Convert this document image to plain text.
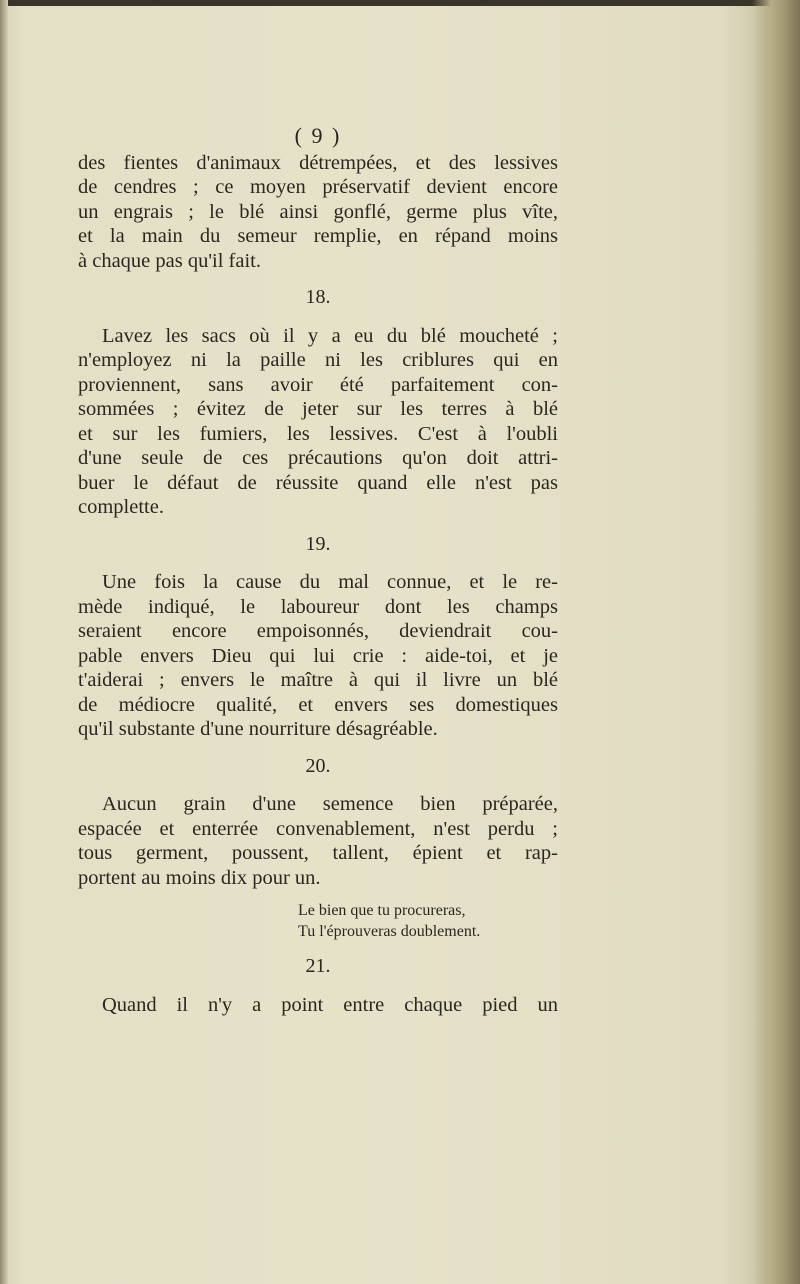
( 9 )
des fientes d'animaux détrempées, et des lessives
de cendres ; ce moyen préservatif devient encore
un engrais ; le blé ainsi gonflé, germe plus vîte,
et la main du semeur remplie, en répand moins
à chaque pas qu'il fait.
18.
Lavez les sacs où il y a eu du blé moucheté ;
n'employez ni la paille ni les criblures qui en
proviennent, sans avoir été parfaitement con-
sommées ; évitez de jeter sur les terres à blé
et sur les fumiers, les lessives. C'est à l'oubli
d'une seule de ces précautions qu'on doit attri-
buer le défaut de réussite quand elle n'est pas
complette.
19.
Une fois la cause du mal connue, et le re-
mède indiqué, le laboureur dont les champs
seraient encore empoisonnés, deviendrait cou-
pable envers Dieu qui lui crie : aide-toi, et je
t'aiderai ; envers le maître à qui il livre un blé
de médiocre qualité, et envers ses domestiques
qu'il substante d'une nourriture désagréable.
20.
Aucun grain d'une semence bien préparée,
espacée et enterrée convenablement, n'est perdu ;
tous germent, poussent, tallent, épient et rap-
portent au moins dix pour un.
Le bien que tu procureras,
Tu l'éprouveras doublement.
21.
Quand il n'y a point entre chaque pied un
